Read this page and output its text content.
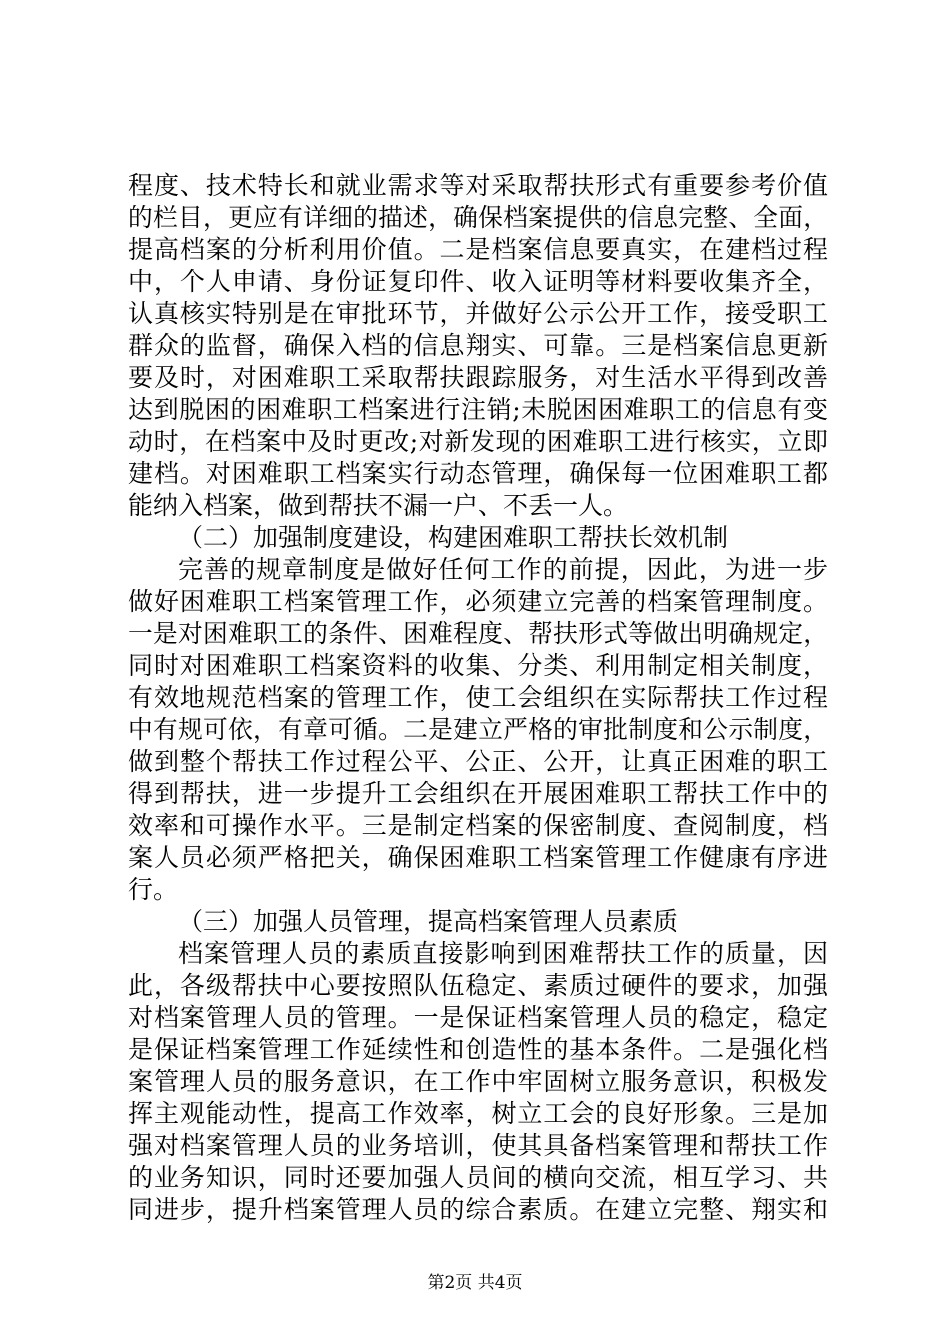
程度、技术特长和就业需求等对采取帮扶形式有重要参考价值
的栏目，更应有详细的描述，确保档案提供的信息完整、全面，
提高档案的分析利用价值。二是档案信息要真实，在建档过程
中，个人申请、身份证复印件、收入证明等材料要收集齐全，
认真核实特别是在审批环节，并做好公示公开工作，接受职工
群众的监督，确保入档的信息翔实、可靠。三是档案信息更新
要及时，对困难职工采取帮扶跟踪服务，对生活水平得到改善
达到脱困的困难职工档案进行注销;未脱困困难职工的信息有变
动时，在档案中及时更改;对新发现的困难职工进行核实，立即
建档。对困难职工档案实行动态管理，确保每一位困难职工都
能纳入档案，做到帮扶不漏一户、不丢一人。
（二）加强制度建设，构建困难职工帮扶长效机制
完善的规章制度是做好任何工作的前提，因此，为进一步
做好困难职工档案管理工作，必须建立完善的档案管理制度。
一是对困难职工的条件、困难程度、帮扶形式等做出明确规定，
同时对困难职工档案资料的收集、分类、利用制定相关制度，
有效地规范档案的管理工作，使工会组织在实际帮扶工作过程
中有规可依，有章可循。二是建立严格的审批制度和公示制度，
做到整个帮扶工作过程公平、公正、公开，让真正困难的职工
得到帮扶，进一步提升工会组织在开展困难职工帮扶工作中的
效率和可操作水平。三是制定档案的保密制度、查阅制度，档
案人员必须严格把关，确保困难职工档案管理工作健康有序进
行。
（三）加强人员管理，提高档案管理人员素质
档案管理人员的素质直接影响到困难帮扶工作的质量，因
此，各级帮扶中心要按照队伍稳定、素质过硬件的要求，加强
对档案管理人员的管理。一是保证档案管理人员的稳定，稳定
是保证档案管理工作延续性和创造性的基本条件。二是强化档
案管理人员的服务意识，在工作中牢固树立服务意识，积极发
挥主观能动性，提高工作效率，树立工会的良好形象。三是加
强对档案管理人员的业务培训，使其具备档案管理和帮扶工作
的业务知识，同时还要加强人员间的横向交流，相互学习、共
同进步，提升档案管理人员的综合素质。在建立完整、翔实和
第2页 共4页
